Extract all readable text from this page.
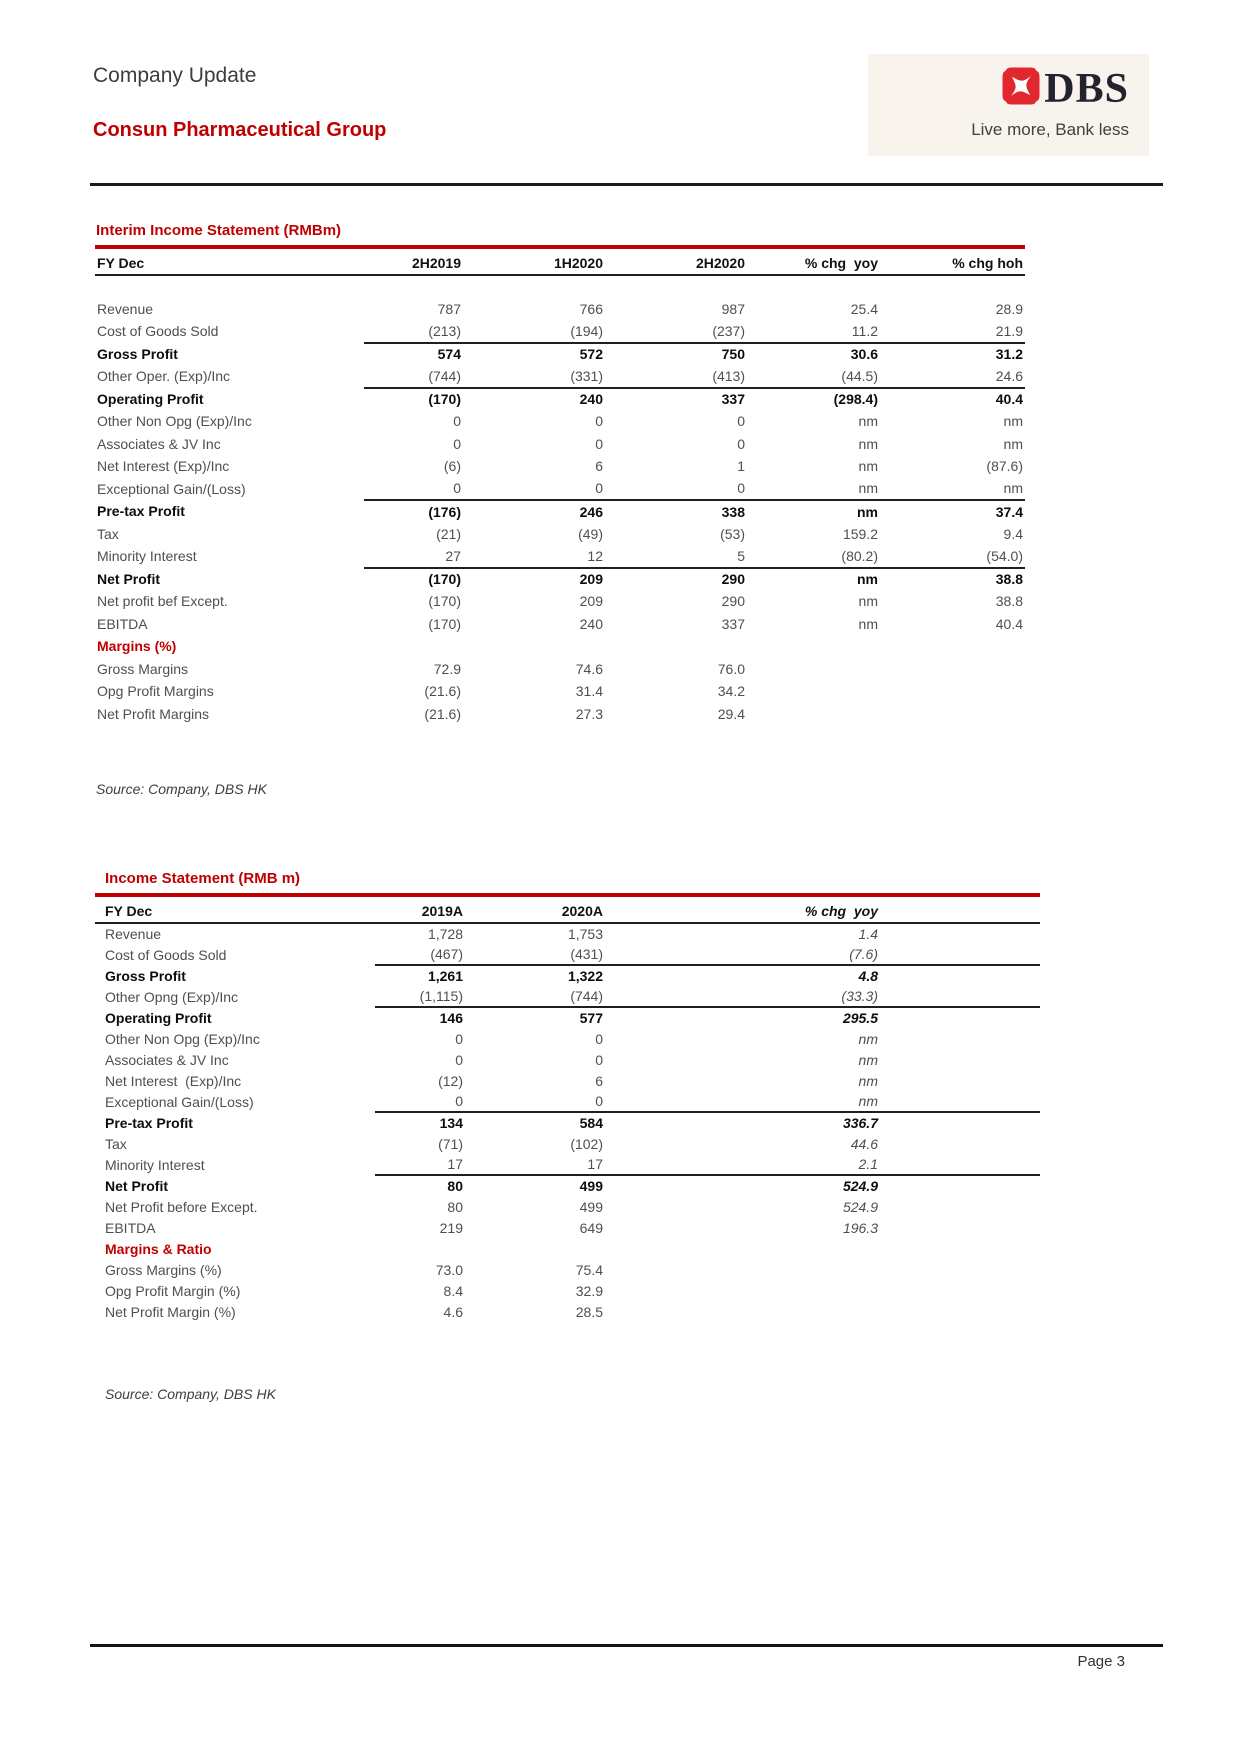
Company Update	DBS
Live more, Bank less
Consun Pharmaceutical Group
Interim Income Statement (RMBm)
FY Dec	2H2019	1H2020	2H2020	% chg  yoy	% chg hoh

Revenue	787	766	987	25.4	28.9
Cost of Goods Sold	(213)	(194)	(237)	11.2	21.9
Gross Profit	574	572	750	30.6	31.2
Other Oper. (Exp)/Inc	(744)	(331)	(413)	(44.5)	24.6
Operating Profit	(170)	240	337	(298.4)	40.4
Other Non Opg (Exp)/Inc	0	0	0	nm	nm
Associates & JV Inc	0	0	0	nm	nm
Net Interest (Exp)/Inc	(6)	6	1	nm	(87.6)
Exceptional Gain/(Loss)	0	0	0	nm	nm
Pre-tax Profit	(176)	246	338	nm	37.4
Tax	(21)	(49)	(53)	159.2	9.4
Minority Interest	27	12	5	(80.2)	(54.0)
Net Profit	(170)	209	290	nm	38.8
Net profit bef Except.	(170)	209	290	nm	38.8
EBITDA	(170)	240	337	nm	40.4
Margins (%)					
Gross Margins	72.9	74.6	76.0		
Opg Profit Margins	(21.6)	31.4	34.2		
Net Profit Margins	(21.6)	27.3	29.4		
Source: Company, DBS HK
Income Statement (RMB m)
FY Dec	2019A	2020A	% chg  yoy	
Revenue	1,728	1,753	1.4	
Cost of Goods Sold	(467)	(431)	(7.6)	
Gross Profit	1,261	1,322	4.8	
Other Opng (Exp)/Inc	(1,115)	(744)	(33.3)	
Operating Profit	146	577	295.5	
Other Non Opg (Exp)/Inc	0	0	nm	
Associates & JV Inc	0	0	nm	
Net Interest  (Exp)/Inc	(12)	6	nm	
Exceptional Gain/(Loss)	0	0	nm	
Pre-tax Profit	134	584	336.7	
Tax	(71)	(102)	44.6	
Minority Interest	17	17	2.1	
Net Profit	80	499	524.9	
Net Profit before Except.	80	499	524.9	
EBITDA	219	649	196.3	
Margins & Ratio				
Gross Margins (%)	73.0	75.4		
Opg Profit Margin (%)	8.4	32.9		
Net Profit Margin (%)	4.6	28.5		
Source: Company, DBS HK
Page 3
